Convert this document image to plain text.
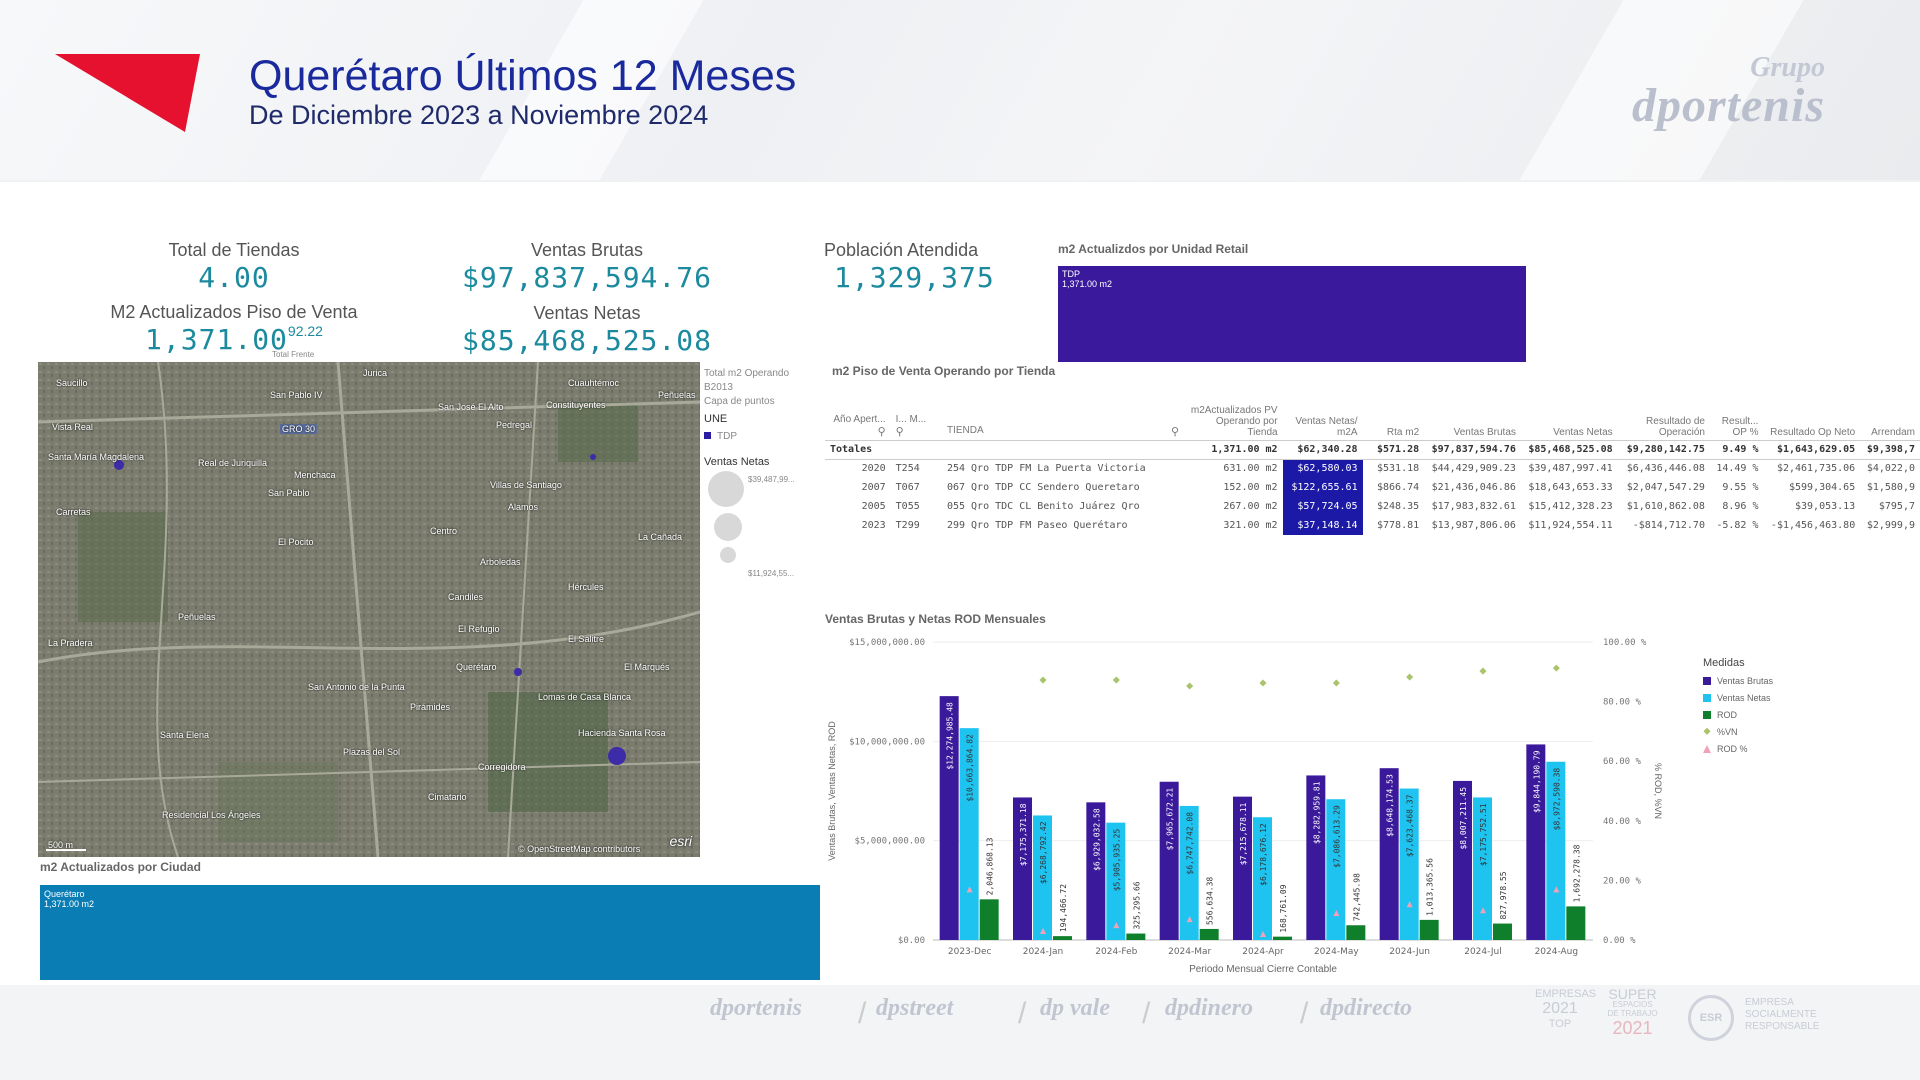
Querétaro Últimos 12 Meses
De Diciembre 2023 a Noviembre 2024
Grupo
dportenis
Total de Tiendas
4.00
M2 Actualizados Piso de Venta
1,371.0092.22
Total Frente
Ventas Brutas
$97,837,594.76
Ventas Netas
$85,468,525.08
Población Atendida
1,329,375
m2 Actualizdos por Unidad Retail
TDP
1,371.00 m2
Saucillo
San Pablo IV
Cuauhtémoc
Jurica
Peñuelas
Constituyentes
San José El Alto
Vista Real	Pedregal
Santa María Magdalena
Villas de Santiago
Menchaca
Real de Juriquilla
Alamos
Centro
Carretas
San Pablo
El Pocito	La Cañada
Hércules
El Marqués
Arboledas
Candiles
Residencial Los Ángeles
Santa Elena
Querétaro
Pirámides
Cimatario
Plazas del Sol
Lomas de Casa Blanca
Hacienda Santa Rosa
La Pradera
Peñuelas
El Refugio
El Salitre
Corregidora
San Antonio de la Punta
GRO 30
500 m	© OpenStreetMap contributors esri
Total m2 Operando
B2013
Capa de puntos
UNE
TDP
Ventas Netas
$39,487,99...
$11,924,55...
m2 Actualizados por Ciudad
Querétaro
1,371.00 m2
m2 Piso de Venta Operando por Tienda
Año Apert... ⚲	I... M... ⚲	TIENDA ⚲	m2Actualizados PV Operando por Tienda	Ventas Netas/ m2A	Rta m2	Ventas Brutas	Ventas Netas	Resultado de Operación	Result... OP %	Resultado Op Neto	Arrendam
Totales			1,371.00 m2	$62,340.28	$571.28	$97,837,594.76	$85,468,525.08	$9,280,142.75	9.49 %	$1,643,629.05	$9,398,7
2020	T254	254 Qro TDP FM La Puerta Victoria	631.00 m2	$62,580.03	$531.18	$44,429,909.23	$39,487,997.41	$6,436,446.08	14.49 %	$2,461,735.06	$4,022,0
2007	T067	067 Qro TDP CC Sendero Queretaro	152.00 m2	$122,655.61	$866.74	$21,436,046.86	$18,643,653.33	$2,047,547.29	9.55 %	$599,304.65	$1,580,9
2005	T055	055 Qro TDC CL Benito Juárez Qro	267.00 m2	$57,724.05	$248.35	$17,983,832.61	$15,412,328.23	$1,610,862.08	8.96 %	$39,053.13	$795,7
2023	T299	299 Qro TDP FM Paseo Querétaro	321.00 m2	$37,148.14	$778.81	$13,987,806.06	$11,924,554.11	-$814,712.70	-5.82 %	-$1,456,463.80	$2,999,9
Ventas Brutas y Netas ROD Mensuales
$0.00
$5,000,000.00
$10,000,000.00
$15,000,000.00
0.00 %
20.00 %
40.00 %
60.00 %
80.00 %
100.00 %
Ventas Brutas, Ventas Netas, ROD	% ROD, %VN
Periodo Mensual Cierre Contable
2023-Dec
$12,274,985.48 $10,663,864.82
2,046,868.13
2024-Jan
$7,175,371.18 $6,268,792.42
194,466.72
2024-Feb
$6,929,032.58 $5,905,935.25
325,295.66
2024-Mar
$7,965,672.21 $6,747,742.08
556,634.38
2024-Apr
$7,215,678.11 $6,178,676.12
168,761.09
2024-May
$8,282,959.81 $7,086,613.29
742,445.98
2024-Jun
$8,648,174.53 $7,623,468.37
1,013,365.56
2024-Jul
$8,007,211.45 $7,175,752.51
827,978.55
2024-Aug
$9,844,190.79 $8,972,590.38
1,692,278.38
Medidas
Ventas Brutas
Ventas Netas
ROD
%VN
ROD %
dportenis / dpstreet / dp vale / dpdinero / dpdirecto
EMPRESAS
2021
TOP
SUPER
ESPACIOS
DE TRABAJO
2021	ESR
EMPRESA
SOCIALMENTE
RESPONSABLE
